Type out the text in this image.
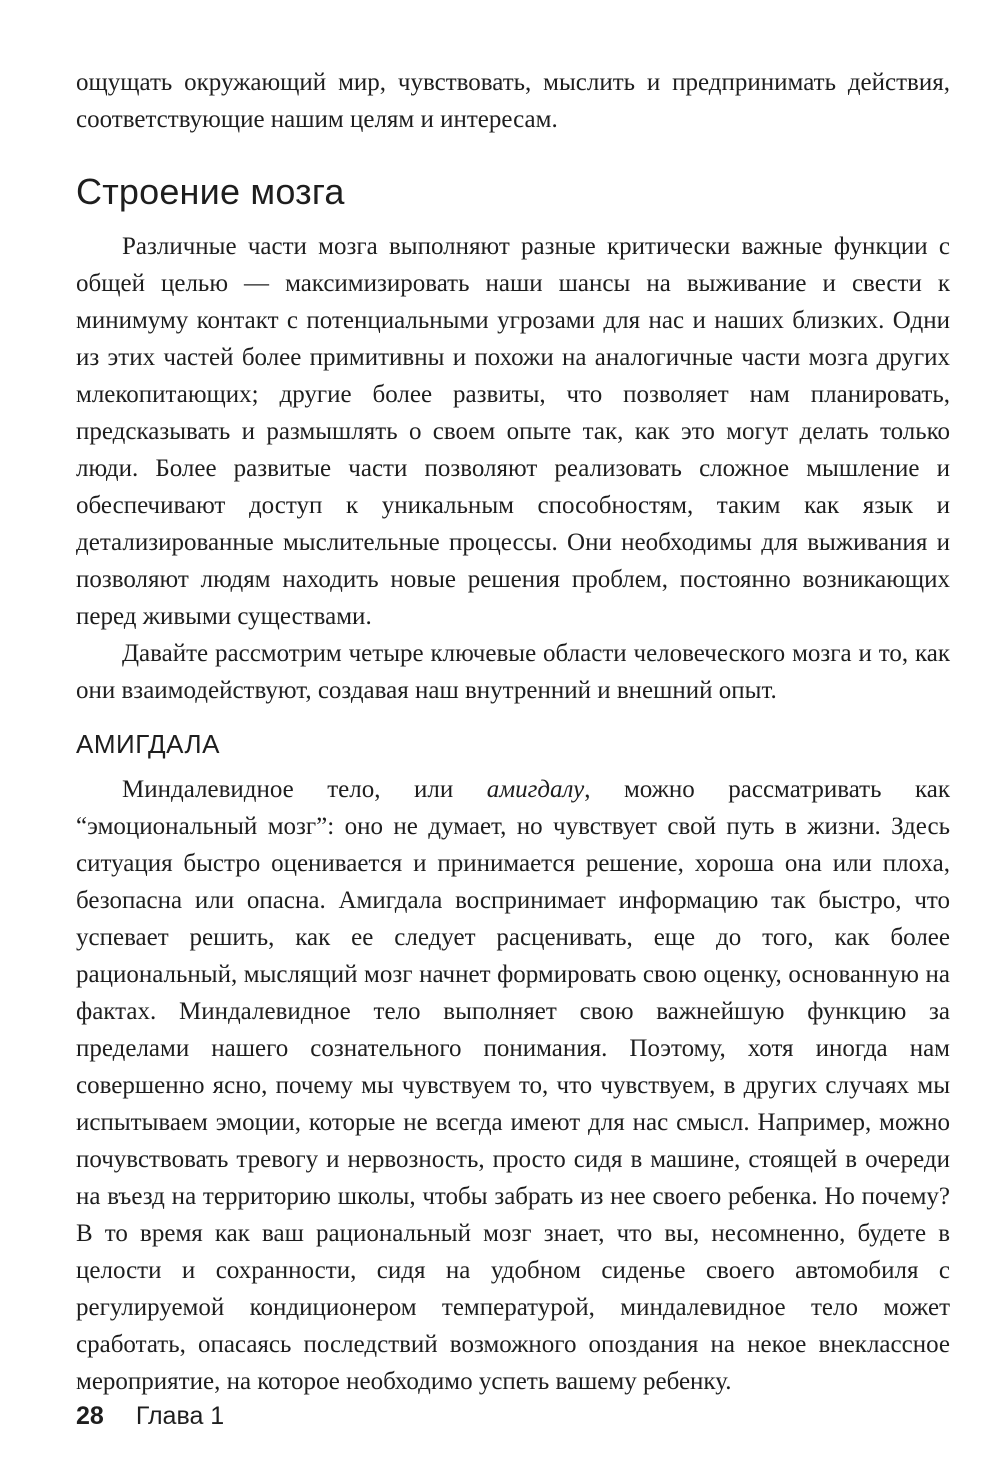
ощущать окружающий мир, чувствовать, мыслить и предпринимать действия, соответствующие нашим целям и интересам.

Строение мозга

Различные части мозга выполняют разные критически важные функции с общей целью — максимизировать наши шансы на выживание и свести к минимуму контакт с потенциальными угрозами для нас и наших близких. Одни из этих частей более примитивны и похожи на аналогичные части мозга других млекопитающих; другие более развиты, что позволяет нам планировать, предсказывать и размышлять о своем опыте так, как это могут делать только люди. Более развитые части позволяют реализовать сложное мышление и обеспечивают доступ к уникальным способностям, таким как язык и детализированные мыслительные процессы. Они необходимы для выживания и позволяют людям находить новые решения проблем, постоянно возникающих перед живыми существами.

Давайте рассмотрим четыре ключевые области человеческого мозга и то, как они взаимодействуют, создавая наш внутренний и внешний опыт.

АМИГДАЛА

Миндалевидное тело, или амигдалу, можно рассматривать как “эмоциональный мозг”: оно не думает, но чувствует свой путь в жизни. Здесь ситуация быстро оценивается и принимается решение, хороша она или плоха, безопасна или опасна. Амигдала воспринимает информацию так быстро, что успевает решить, как ее следует расценивать, еще до того, как более рациональный, мыслящий мозг начнет формировать свою оценку, основанную на фактах. Миндалевидное тело выполняет свою важнейшую функцию за пределами нашего сознательного понимания. Поэтому, хотя иногда нам совершенно ясно, почему мы чувствуем то, что чувствуем, в других случаях мы испытываем эмоции, которые не всегда имеют для нас смысл. Например, можно почувствовать тревогу и нервозность, просто сидя в машине, стоящей в очереди на въезд на территорию школы, чтобы забрать из нее своего ребенка. Но почему? В то время как ваш рациональный мозг знает, что вы, несомненно, будете в целости и сохранности, сидя на удобном сиденье своего автомобиля с регулируемой кондиционером температурой, миндалевидное тело может сработать, опасаясь последствий возможного опоздания на некое внеклассное мероприятие, на которое необходимо успеть вашему ребенку.

28 Глава 1
